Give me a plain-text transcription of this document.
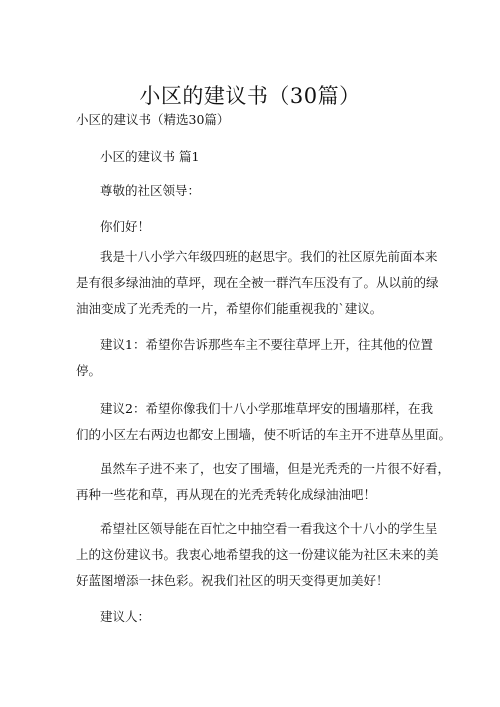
小区的建议书（30篇）
小区的建议书（精选30篇）
小区的建议书 篇1
尊敬的社区领导：
你们好！
我是十八小学六年级四班的赵思宇。我们的社区原先前面本来
是有很多绿油油的草坪，现在全被一群汽车压没有了。从以前的绿
油油变成了光秃秃的一片，希望你们能重视我的`建议。
建议1：希望你告诉那些车主不要往草坪上开，往其他的位置
停。
建议2：希望你像我们十八小学那堆草坪安的围墙那样，在我
们的小区左右两边也都安上围墙，使不听话的车主开不进草丛里面。
虽然车子进不来了，也安了围墙，但是光秃秃的一片很不好看，
再种一些花和草，再从现在的光秃秃转化成绿油油吧！
希望社区领导能在百忙之中抽空看一看我这个十八小的学生呈
上的这份建议书。我衷心地希望我的这一份建议能为社区未来的美
好蓝图增添一抹色彩。祝我们社区的明天变得更加美好！
建议人：
